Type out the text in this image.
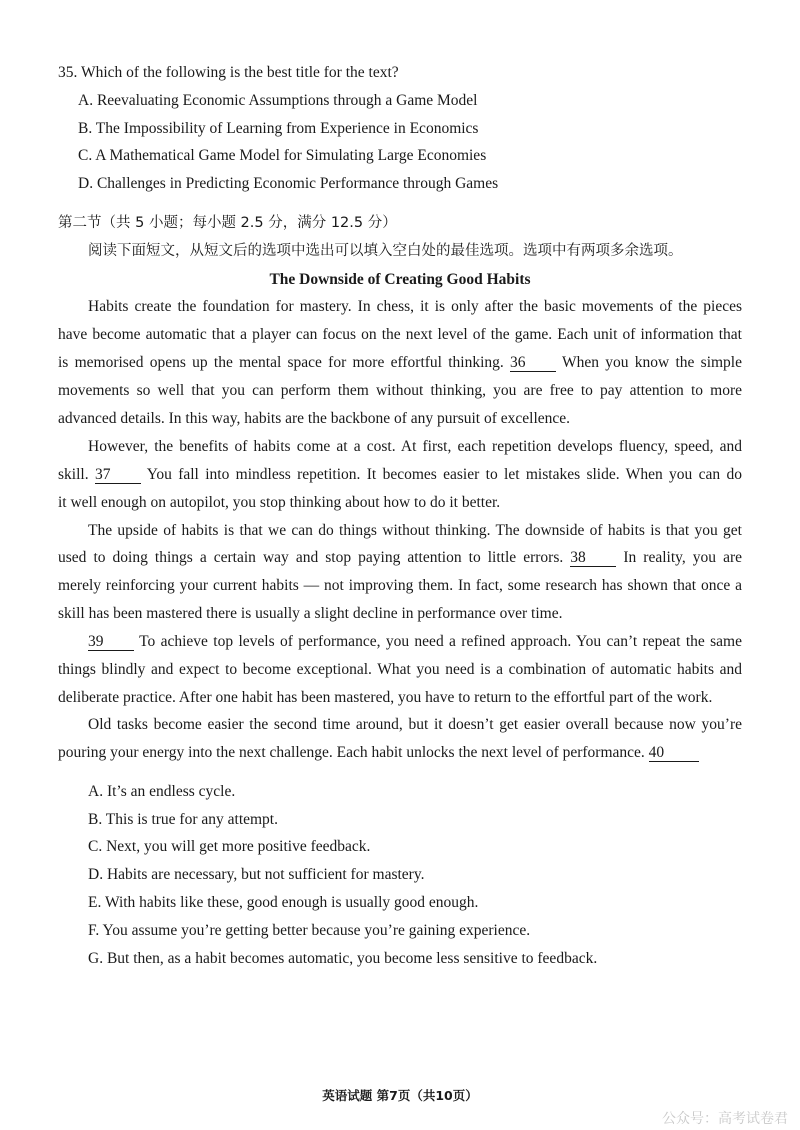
35. Which of the following is the best title for the text?
A. Reevaluating Economic Assumptions through a Game Model
B. The Impossibility of Learning from Experience in Economics
C. A Mathematical Game Model for Simulating Large Economies
D. Challenges in Predicting Economic Performance through Games
第二节（共 5 小题；每小题 2.5 分，满分 12.5 分）
阅读下面短文，从短文后的选项中选出可以填入空白处的最佳选项。选项中有两项多余选项。
The Downside of Creating Good Habits
Habits create the foundation for mastery. In chess, it is only after the basic movements of the pieces
have become automatic that a player can focus on the next level of the game. Each unit of information that
is memorised opens up the mental space for more effortful thinking. 36 When you know the simple
movements so well that you can perform them without thinking, you are free to pay attention to more
advanced details. In this way, habits are the backbone of any pursuit of excellence.
However, the benefits of habits come at a cost. At first, each repetition develops fluency, speed, and
skill. 37 You fall into mindless repetition. It becomes easier to let mistakes slide. When you can do
it well enough on autopilot, you stop thinking about how to do it better.
The upside of habits is that we can do things without thinking. The downside of habits is that you get
used to doing things a certain way and stop paying attention to little errors. 38 In reality, you are
merely reinforcing your current habits — not improving them. In fact, some research has shown that once a
skill has been mastered there is usually a slight decline in performance over time.
39 To achieve top levels of performance, you need a refined approach. You can’t repeat the same
things blindly and expect to become exceptional. What you need is a combination of automatic habits and
deliberate practice. After one habit has been mastered, you have to return to the effortful part of the work.
Old tasks become easier the second time around, but it doesn’t get easier overall because now you’re
pouring your energy into the next challenge. Each habit unlocks the next level of performance. 40
A. It’s an endless cycle.
B. This is true for any attempt.
C. Next, you will get more positive feedback.
D. Habits are necessary, but not sufficient for mastery.
E. With habits like these, good enough is usually good enough.
F. You assume you’re getting better because you’re gaining experience.
G. But then, as a habit becomes automatic, you become less sensitive to feedback.
英语试题 第7页（共10页）
公众号：高考试卷君
